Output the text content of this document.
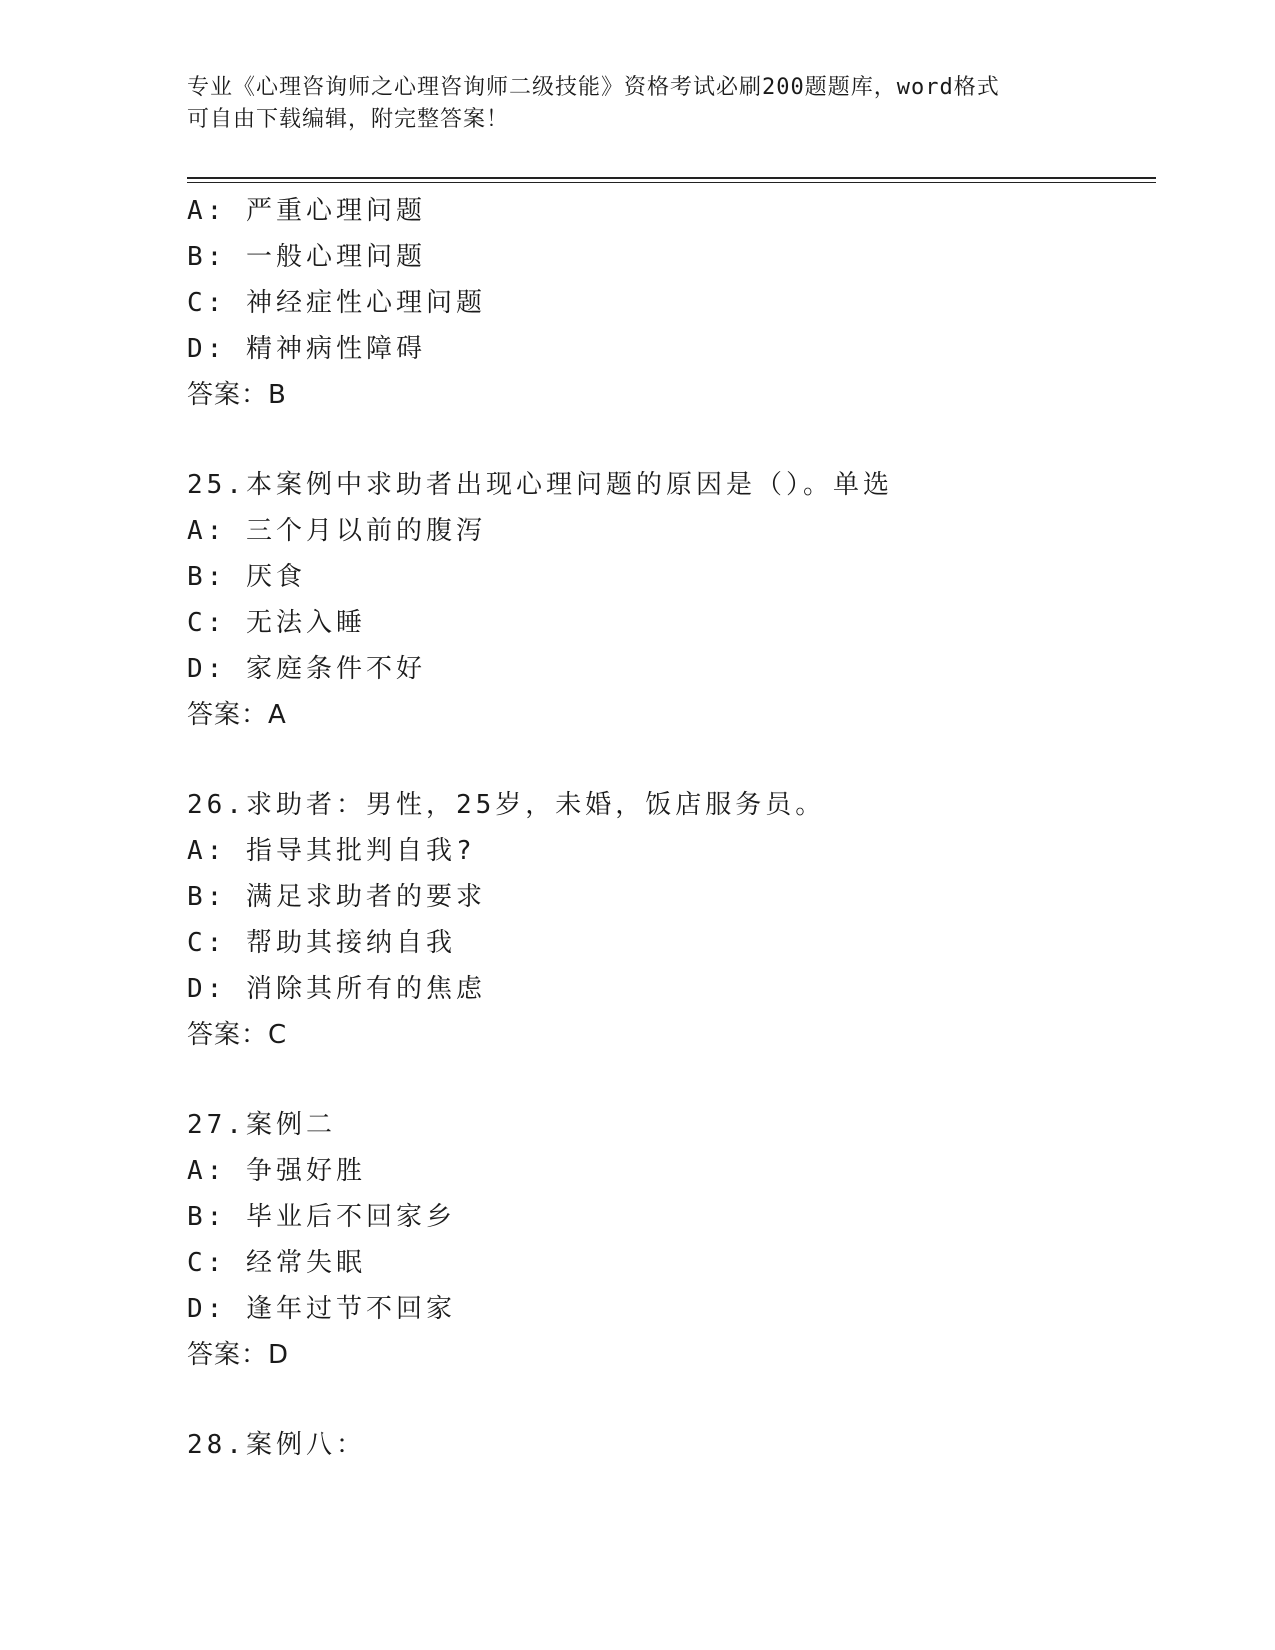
专业《心理咨询师之心理咨询师二级技能》资格考试必刷200题题库，word格式
可自由下载编辑，附完整答案！
A: 严重心理问题
B: 一般心理问题
C: 神经症性心理问题
D: 精神病性障碍
答案：B
25.本案例中求助者出现心理问题的原因是（）。单选
A: 三个月以前的腹泻
B: 厌食
C: 无法入睡
D: 家庭条件不好
答案：A
26.求助者：男性，25岁，未婚，饭店服务员。
A: 指导其批判自我?
B: 满足求助者的要求
C: 帮助其接纳自我
D: 消除其所有的焦虑
答案：C
27.案例二
A: 争强好胜
B: 毕业后不回家乡
C: 经常失眠
D: 逢年过节不回家
答案：D
28.案例八：
